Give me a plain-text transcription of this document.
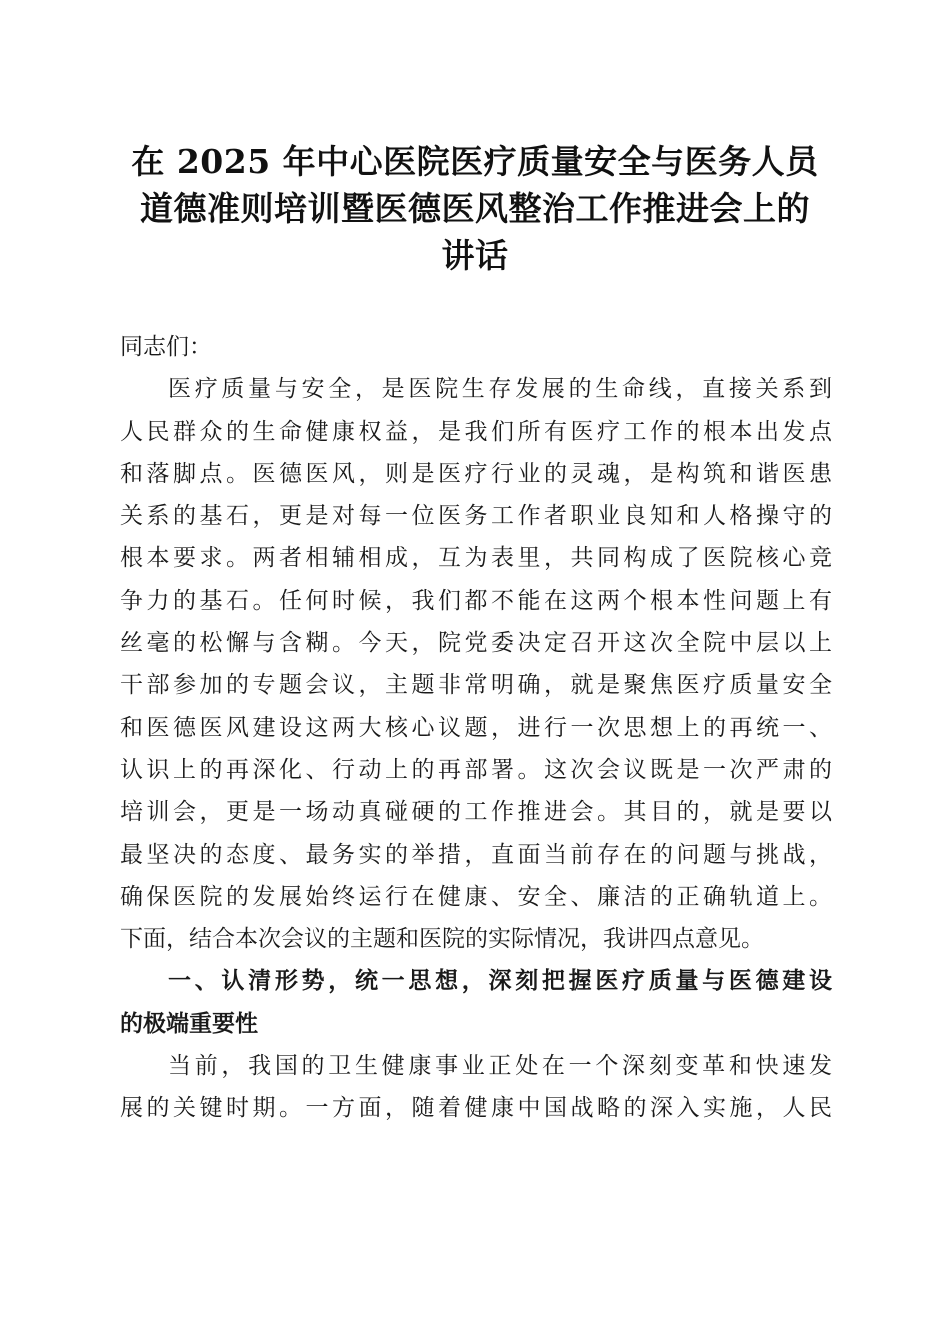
在 2025 年中心医院医疗质量安全与医务人员
道德准则培训暨医德医风整治工作推进会上的
讲话
同志们：
医疗质量与安全，是医院生存发展的生命线，直接关系到
人民群众的生命健康权益，是我们所有医疗工作的根本出发点
和落脚点。医德医风，则是医疗行业的灵魂，是构筑和谐医患
关系的基石，更是对每一位医务工作者职业良知和人格操守的
根本要求。两者相辅相成，互为表里，共同构成了医院核心竞
争力的基石。任何时候，我们都不能在这两个根本性问题上有
丝毫的松懈与含糊。今天，院党委决定召开这次全院中层以上
干部参加的专题会议，主题非常明确，就是聚焦医疗质量安全
和医德医风建设这两大核心议题，进行一次思想上的再统一、
认识上的再深化、行动上的再部署。这次会议既是一次严肃的
培训会，更是一场动真碰硬的工作推进会。其目的，就是要以
最坚决的态度、最务实的举措，直面当前存在的问题与挑战，
确保医院的发展始终运行在健康、安全、廉洁的正确轨道上。
下面，结合本次会议的主题和医院的实际情况，我讲四点意见。
一、认清形势，统一思想，深刻把握医疗质量与医德建设
的极端重要性
当前，我国的卫生健康事业正处在一个深刻变革和快速发
展的关键时期。一方面，随着健康中国战略的深入实施，人民
